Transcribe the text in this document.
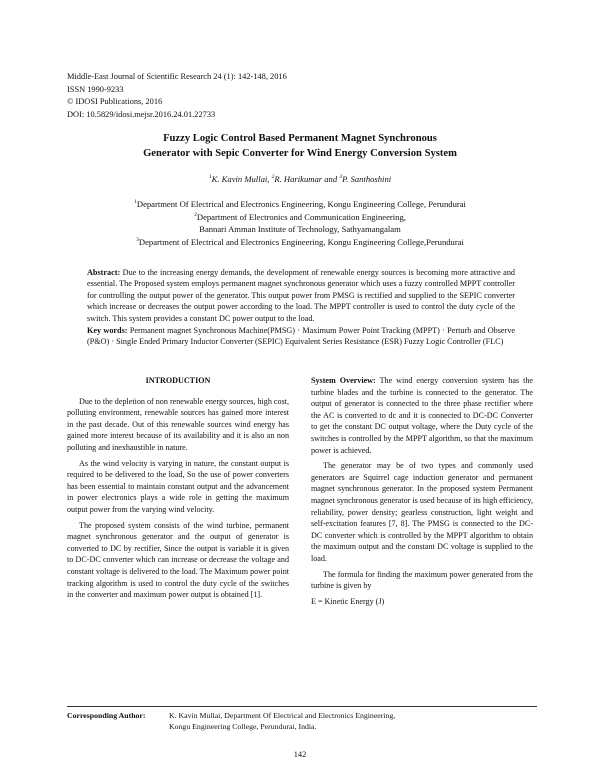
Middle-East Journal of Scientific Research 24 (1): 142-148, 2016
ISSN 1990-9233
© IDOSI Publications, 2016
DOI: 10.5829/idosi.mejsr.2016.24.01.22733
Fuzzy Logic Control Based Permanent Magnet Synchronous
Generator with Sepic Converter for Wind Energy Conversion System
$^1$K. Kavin Mullai, $^2$R. Harikumar and $^3$P. Santhoshini
$^1$Department Of Electrical and Electronics Engineering, Kongu Engineering College, Perundurai
$^2$Department of Electronics and Communication Engineering,
Bannari Amman Institute of Technology, Sathyamangalam
$^3$Department of Electrical and Electronics Engineering, Kongu Engineering College,Perundurai
Abstract: Due to the increasing energy demands, the development of renewable energy sources is becoming more attractive and essential. The Proposed system employs permanent magnet synchronous generator which uses a fuzzy controlled MPPT controller for controlling the output power of the generator. This output power from PMSG is rectified and supplied to the SEPIC converter which increase or decreases the output power according to the load. The MPPT controller is used to control the duty cycle of the switch. This system provides a constant DC power output to the load.
Key words: Permanent magnet Synchronous Machine(PMSG) · Maximum Power Point Tracking (MPPT) · Perturb and Observe (P&O) · Single Ended Primary Inductor Converter (SEPIC) Equivalent Series Resistance (ESR) Fuzzy Logic Controller (FLC)
INTRODUCTION

Due to the depletion of non renewable energy sources, high cost, polluting environment, renewable sources has gained more interest in the past decade. Out of this renewable sources wind energy has gained more interest because of its availability and it is also an non polluting and inexhaustible in nature.

As the wind velocity is varying in nature, the constant output is required to be delivered to the load, So the use of power converters has been essential to maintain constant output and the advancement in power electronics plays a wide role in getting the maximum output power from the varying wind velocity.

The proposed system consists of the wind turbine, permanent magnet synchronous generator and the output of generator is converted to DC by rectifier, Since the output is variable it is given to DC-DC converter which can increase or decrease the voltage and constant voltage is delivered to the load. The Maximum power point tracking algorithm is used to control the duty cycle of the switches in the converter and maximum power output is obtained [1].

System Overview: The wind energy conversion system has the turbine blades and the turbine is connected to the generator. The output of generator is connected to the three phase rectifier where the AC is converted to dc and it is connected to DC-DC Converter to get the constant DC output voltage, where the Duty cycle of the switches is controlled by the MPPT algorithm, so that the maximum power is achieved.

The generator may be of two types and commonly used generators are Squirrel cage induction generator and permanent magnet synchronous generator. In the proposed system Permanent magnet synchronous generator is used because of its high efficiency, reliability, power density; gearless construction, light weight and self-excitation features [7, 8]. The PMSG is connected to the DC-DC converter which is controlled by the MPPT algorithm to obtain the maximum output and the constant DC voltage is supplied to the load.

The formula for finding the maximum power generated from the turbine is given by

E = Kinetic Energy (J)

Corresponding Author:	K. Kavin Mullai, Department Of Electrical and Electronics Engineering,
Kongu Engineering College, Perundurai, India.
142
